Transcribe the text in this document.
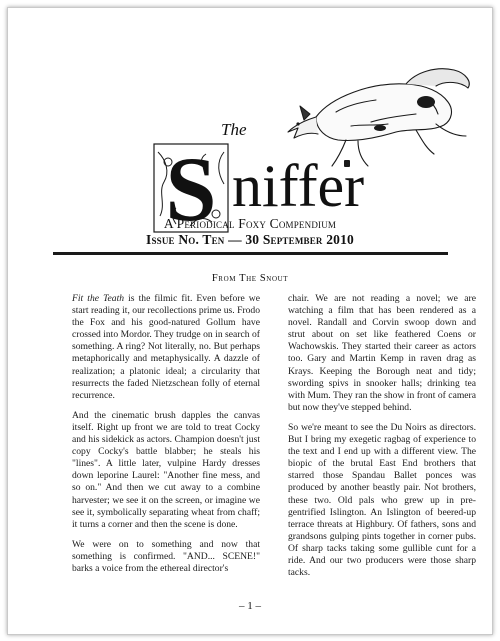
The
S niffer
A Periodical Foxy Compendium
Issue No. Ten — 30 September 2010
From The Snout

Fit the Teath is the filmic fit. Even before we start reading it, our recollections prime us. Frodo the Fox and his good-natured Gollum have crossed into Mordor. They trudge on in search of something. A ring? Not literally, no. But perhaps metaphorically and metaphysically. A dazzle of realization; a platonic ideal; a circularity that resurrects the faded Nietzschean folly of eternal recurrence.

And the cinematic brush dapples the canvas itself. Right up front we are told to treat Cocky and his sidekick as actors. Champion doesn't just copy Cocky's battle blabber; he steals his "lines". A little later, vulpine Hardy dresses down leporine Laurel: "Another fine mess, and so on." And then we cut away to a combine harvester; we see it on the screen, or imagine we see it, symbolically separating wheat from chaff; it turns a corner and then the scene is done.

We were on to something and now that something is confirmed. "AND... SCENE!" barks a voice from the ethereal director's

chair. We are not reading a novel; we are watching a film that has been rendered as a novel. Randall and Corvin swoop down and strut about on set like feathered Coens or Wachowskis. They started their career as actors too. Gary and Martin Kemp in raven drag as Krays. Keeping the Borough neat and tidy; swording spivs in snooker halls; drinking tea with Mum. They ran the show in front of camera but now they've stepped behind.

So we're meant to see the Du Noirs as directors. But I bring my exegetic ragbag of experience to the text and I end up with a different view. The biopic of the brutal East End brothers that starred those Spandau Ballet ponces was produced by another beastly pair. Not brothers, these two. Old pals who grew up in pre-gentrified Islington. An Islington of beered-up terrace threats at Highbury. Of fathers, sons and grandsons gulping pints together in corner pubs. Of sharp tacks taking some gullible cunt for a ride. And our two producers were those sharp tacks.

– 1 –
